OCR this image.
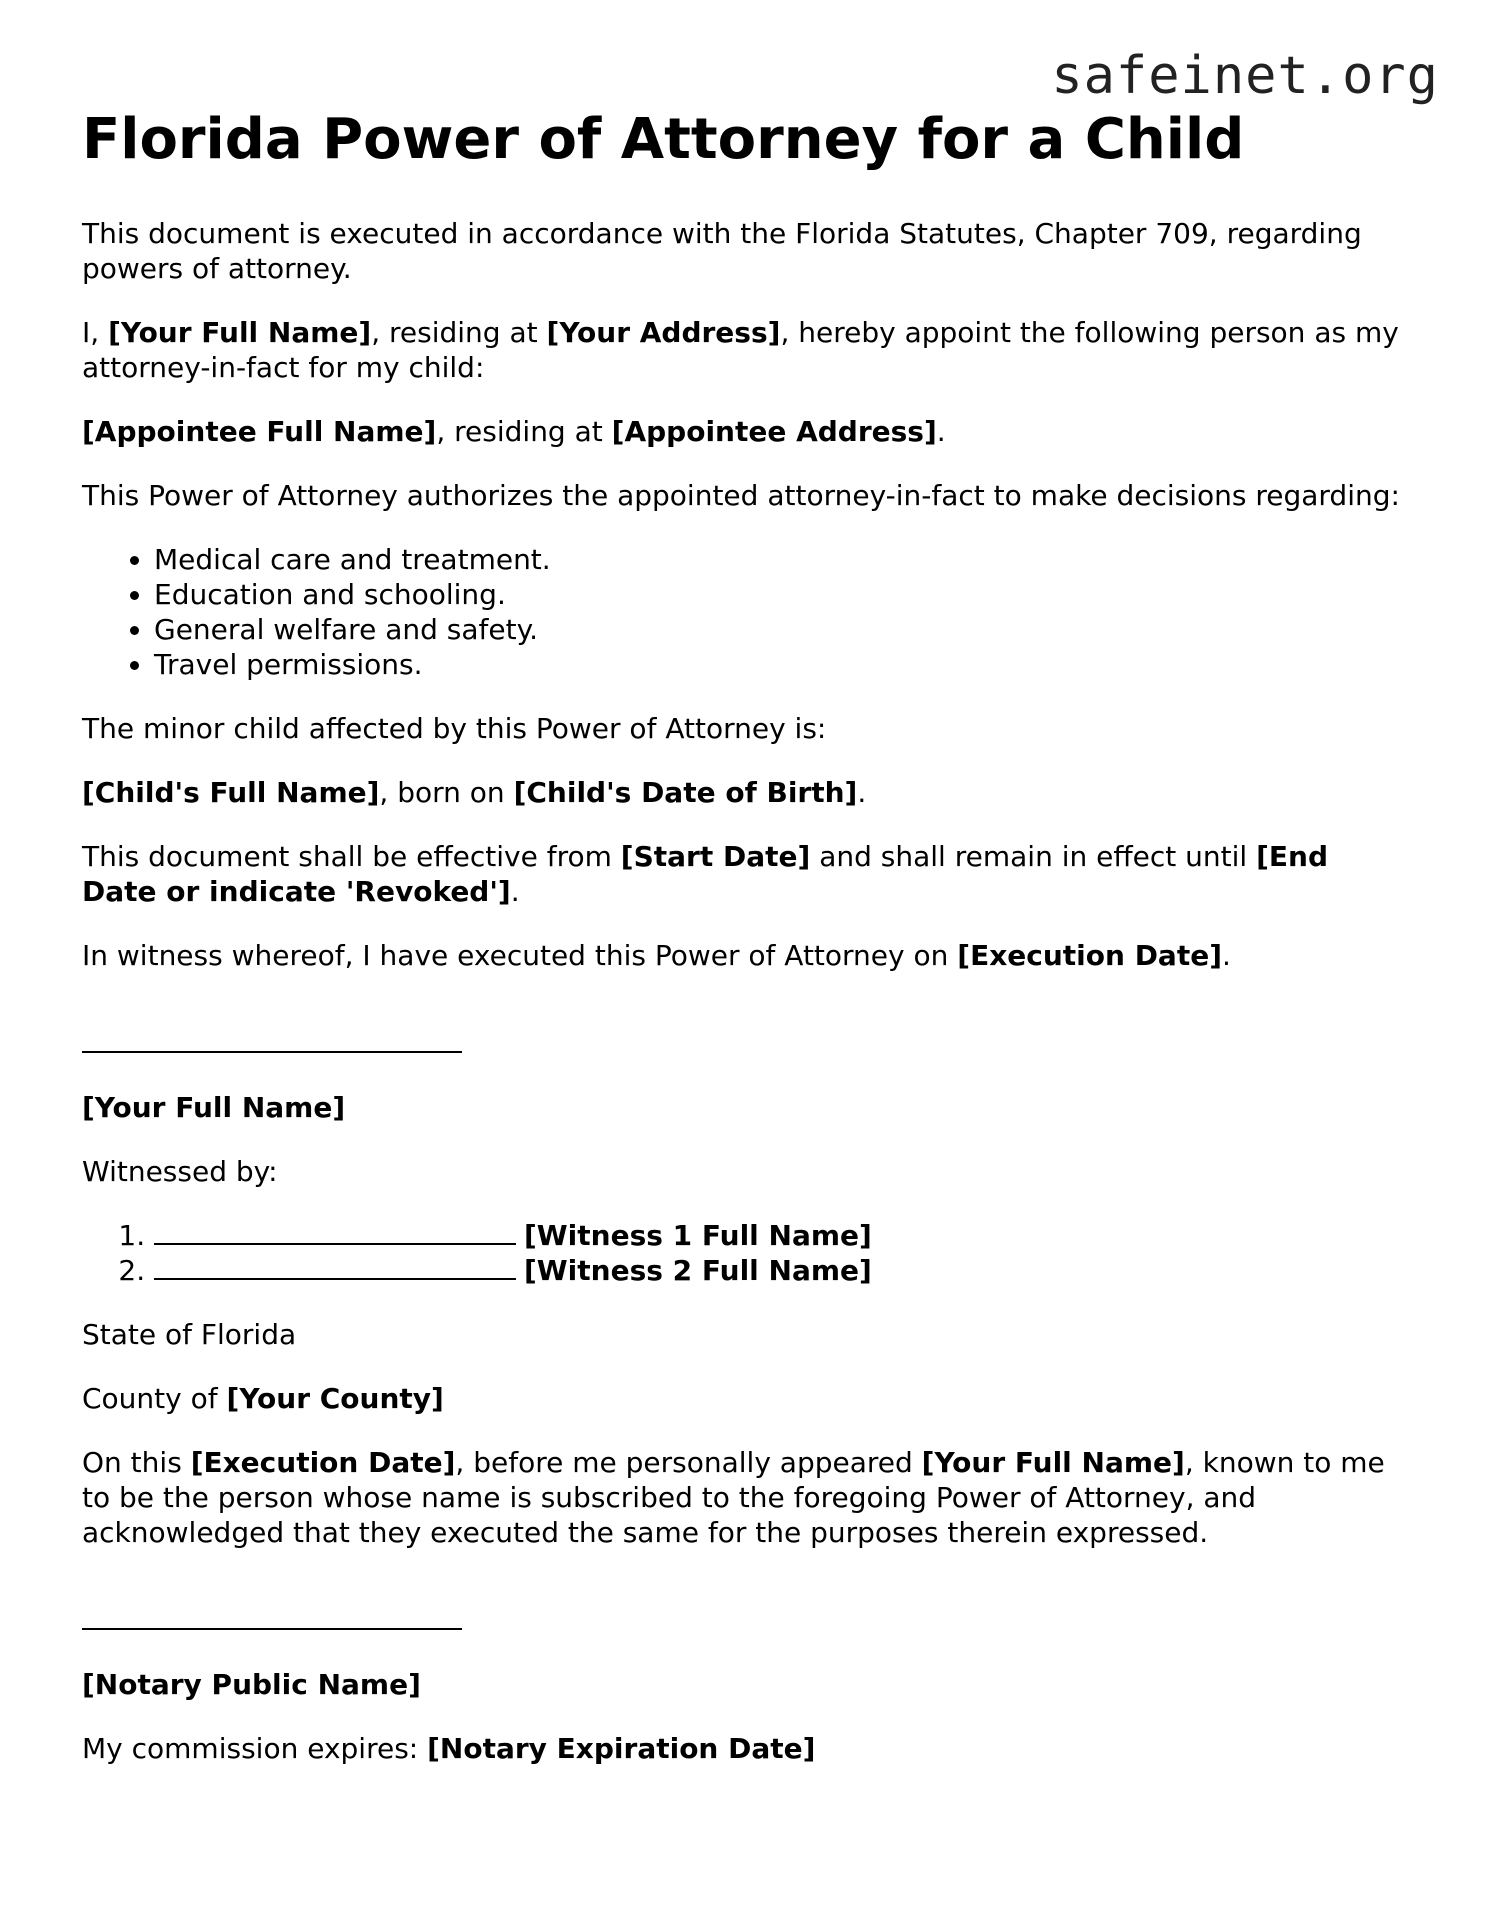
safeinet.org
Florida Power of Attorney for a Child

This document is executed in accordance with the Florida Statutes, Chapter 709, regarding powers of attorney.

I, [Your Full Name], residing at [Your Address], hereby appoint the following person as my attorney-in-fact for my child:

[Appointee Full Name], residing at [Appointee Address].

This Power of Attorney authorizes the appointed attorney-in-fact to make decisions regarding:

• Medical care and treatment.
• Education and schooling.
• General welfare and safety.
• Travel permissions.

The minor child affected by this Power of Attorney is:

[Child's Full Name], born on [Child's Date of Birth].

This document shall be effective from [Start Date] and shall remain in effect until [End Date or indicate 'Revoked'].

In witness whereof, I have executed this Power of Attorney on [Execution Date].

[Your Full Name]

Witnessed by:

1. [Witness 1 Full Name]
2. [Witness 2 Full Name]

State of Florida

County of [Your County]

On this [Execution Date], before me personally appeared [Your Full Name], known to me to be the person whose name is subscribed to the foregoing Power of Attorney, and acknowledged that they executed the same for the purposes therein expressed.

[Notary Public Name]

My commission expires: [Notary Expiration Date]
